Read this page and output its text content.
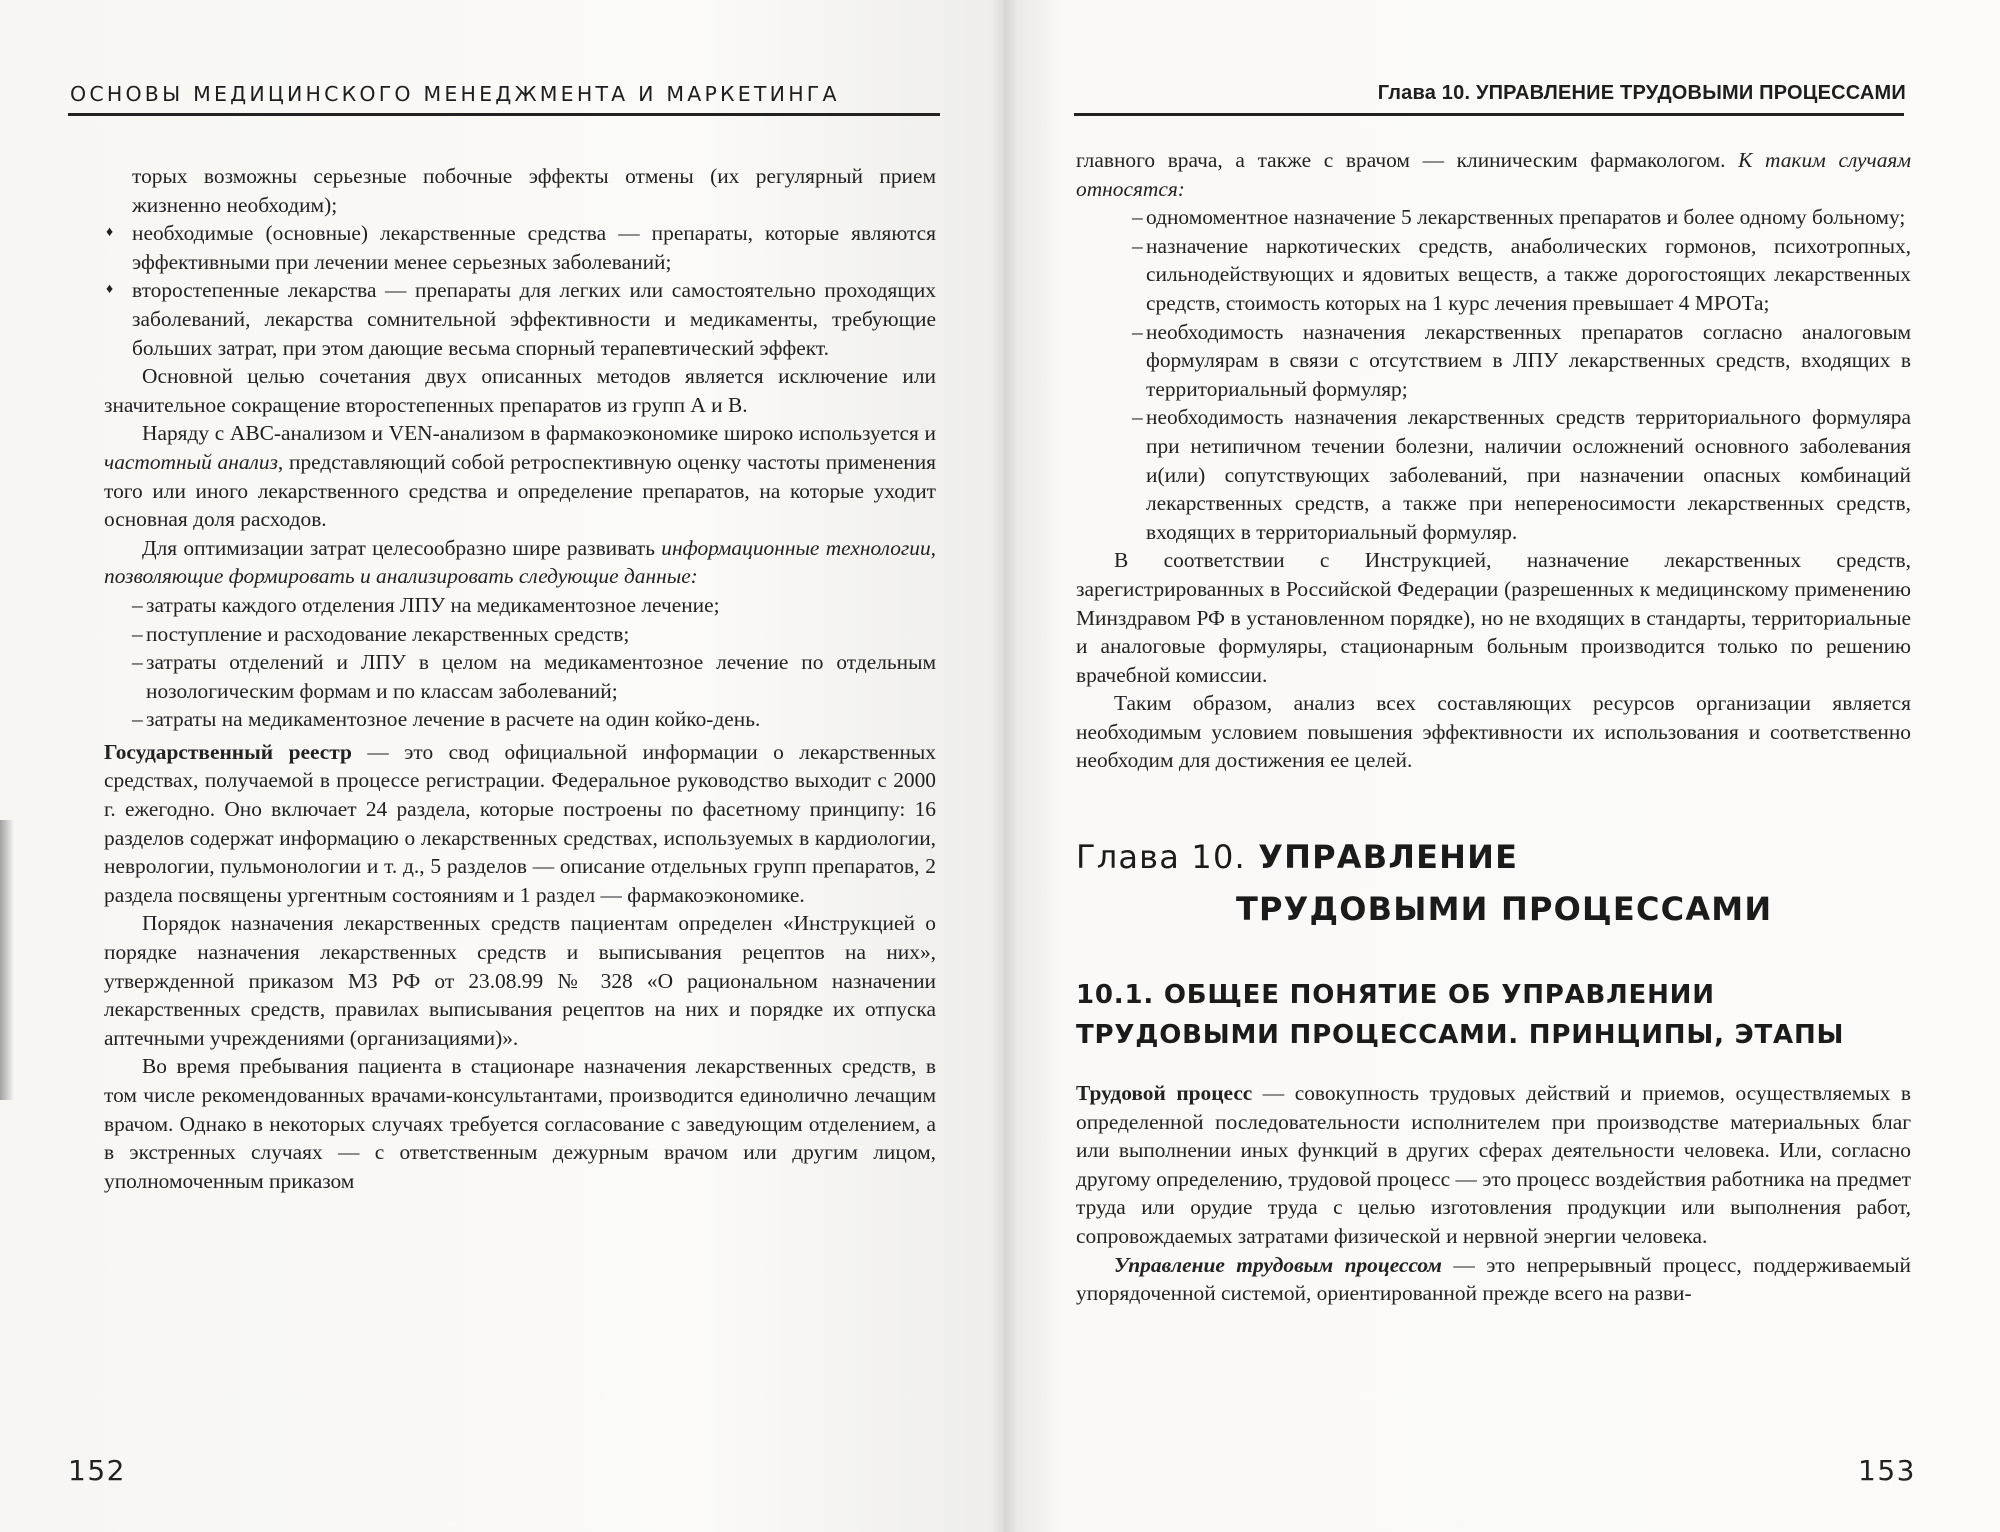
ОСНОВЫ МЕДИЦИНСКОГО МЕНЕДЖМЕНТА И МАРКЕТИНГА

торых возможны серьезные побочные эффекты отмены (их регулярный прием жизненно необходим);

♦ необходимые (основные) лекарственные средства — препараты, которые являются эффективными при лечении менее серьезных заболеваний;
♦ второстепенные лекарства — препараты для легких или самостоятельно проходящих заболеваний, лекарства сомнительной эффективности и медикаменты, требующие больших затрат, при этом дающие весьма спорный терапевтический эффект.

Основной целью сочетания двух описанных методов является исключение или значительное сокращение второстепенных препаратов из групп А и В.

Наряду с ABC-анализом и VEN-анализом в фармакоэкономике широко используется и частотный анализ, представляющий собой ретроспективную оценку частоты применения того или иного лекарственного средства и определение препаратов, на которые уходит основная доля расходов.

Для оптимизации затрат целесообразно шире развивать информационные технологии, позволяющие формировать и анализировать следующие данные:

– затраты каждого отделения ЛПУ на медикаментозное лечение;
– поступление и расходование лекарственных средств;
– затраты отделений и ЛПУ в целом на медикаментозное лечение по отдельным нозологическим формам и по классам заболеваний;
– затраты на медикаментозное лечение в расчете на один койко-день.

Государственный реестр — это свод официальной информации о лекарственных средствах, получаемой в процессе регистрации. Федеральное руководство выходит с 2000 г. ежегодно. Оно включает 24 раздела, которые построены по фасетному принципу: 16 разделов содержат информацию о лекарственных средствах, используемых в кардиологии, неврологии, пульмонологии и т. д., 5 разделов — описание отдельных групп препаратов, 2 раздела посвящены ургентным состояниям и 1 раздел — фармакоэкономике.

Порядок назначения лекарственных средств пациентам определен «Инструкцией о порядке назначения лекарственных средств и выписывания рецептов на них», утвержденной приказом МЗ РФ от 23.08.99 № 328 «О рациональном назначении лекарственных средств, правилах выписывания рецептов на них и порядке их отпуска аптечными учреждениями (организациями)».

Во время пребывания пациента в стационаре назначения лекарственных средств, в том числе рекомендованных врачами-консультантами, производится единолично лечащим врачом. Однако в некоторых случаях требуется согласование с заведующим отделением, а в экстренных случаях — с ответственным дежурным врачом или другим лицом, уполномоченным приказом

152
Глава 10. УПРАВЛЕНИЕ ТРУДОВЫМИ ПРОЦЕССАМИ

главного врача, а также с врачом — клиническим фармакологом. К таким случаям относятся:

– одномоментное назначение 5 лекарственных препаратов и более одному больному;
– назначение наркотических средств, анаболических гормонов, психотропных, сильнодействующих и ядовитых веществ, а также дорогостоящих лекарственных средств, стоимость которых на 1 курс лечения превышает 4 МРОТа;
– необходимость назначения лекарственных препаратов согласно аналоговым формулярам в связи с отсутствием в ЛПУ лекарственных средств, входящих в территориальный формуляр;
– необходимость назначения лекарственных средств территориального формуляра при нетипичном течении болезни, наличии осложнений основного заболевания и(или) сопутствующих заболеваний, при назначении опасных комбинаций лекарственных средств, а также при непереносимости лекарственных средств, входящих в территориальный формуляр.

В соответствии с Инструкцией, назначение лекарственных средств, зарегистрированных в Российской Федерации (разрешенных к медицинскому применению Минздравом РФ в установленном порядке), но не входящих в стандарты, территориальные и аналоговые формуляры, стационарным больным производится только по решению врачебной комиссии.

Таким образом, анализ всех составляющих ресурсов организации является необходимым условием повышения эффективности их использования и соответственно необходим для достижения ее целей.

Глава 10. УПРАВЛЕНИЕ
ТРУДОВЫМИ ПРОЦЕССАМИ
10.1. ОБЩЕЕ ПОНЯТИЕ ОБ УПРАВЛЕНИИ
ТРУДОВЫМИ ПРОЦЕССАМИ. ПРИНЦИПЫ, ЭТАПЫ

Трудовой процесс — совокупность трудовых действий и приемов, осуществляемых в определенной последовательности исполнителем при производстве материальных благ или выполнении иных функций в других сферах деятельности человека. Или, согласно другому определению, трудовой процесс — это процесс воздействия работника на предмет труда или орудие труда с целью изготовления продукции или выполнения работ, сопровождаемых затратами физической и нервной энергии человека.

Управление трудовым процессом — это непрерывный процесс, поддерживаемый упорядоченной системой, ориентированной прежде всего на разви-

153
